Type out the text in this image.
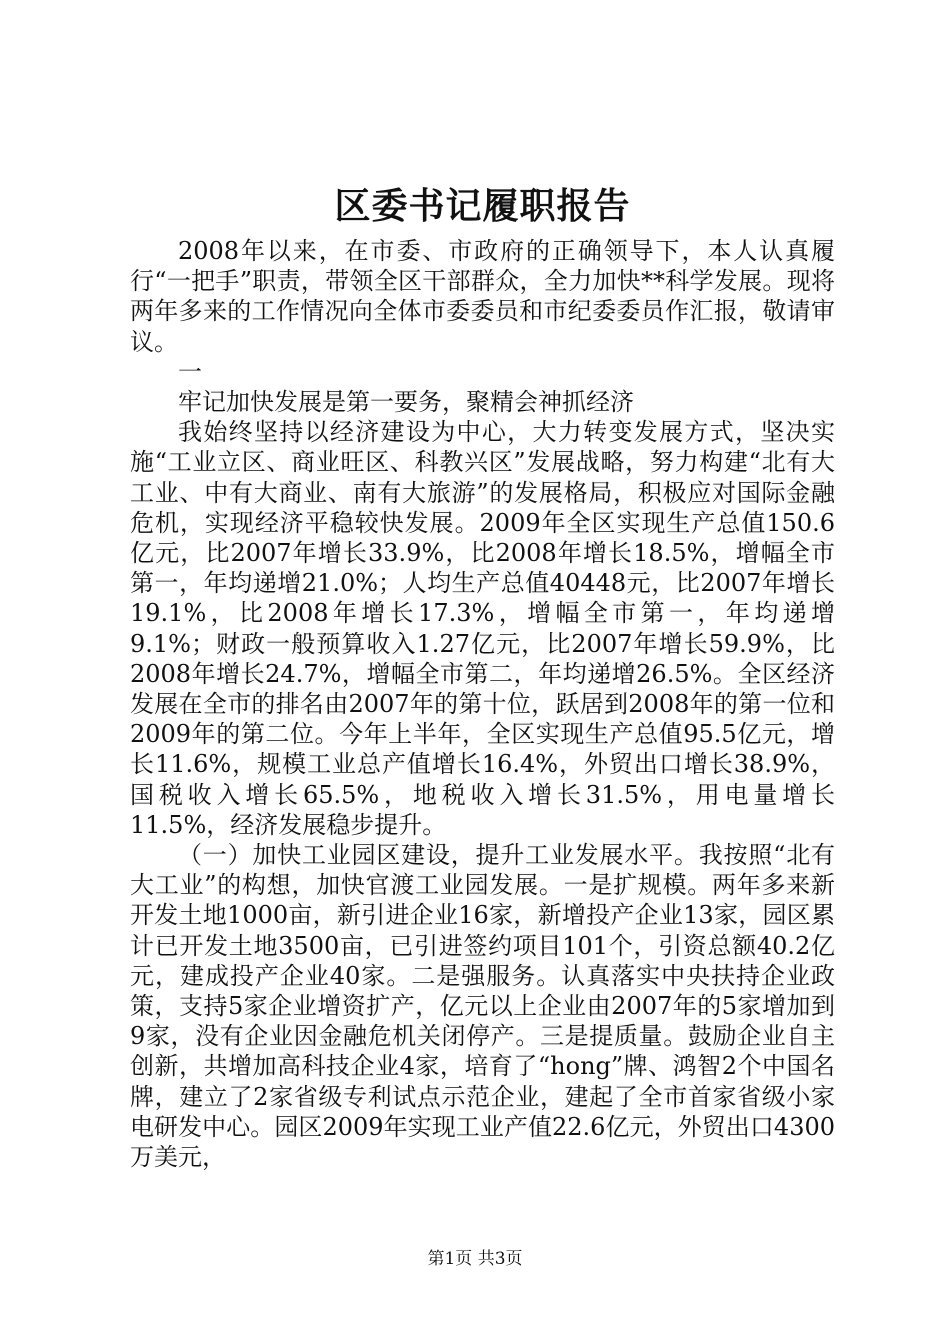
区委书记履职报告

2008年以来，在市委、市政府的正确领导下，本人认真履行“一把手”职责，带领全区干部群众，全力加快**科学发展。现将两年多来的工作情况向全体市委委员和市纪委委员作汇报，敬请审议。

一

牢记加快发展是第一要务，聚精会神抓经济

我始终坚持以经济建设为中心，大力转变发展方式，坚决实施“工业立区、商业旺区、科教兴区”发展战略，努力构建“北有大工业、中有大商业、南有大旅游”的发展格局，积极应对国际金融危机，实现经济平稳较快发展。2009年全区实现生产总值150.6亿元，比2007年增长33.9%，比2008年增长18.5%，增幅全市第一，年均递增21.0%；人均生产总值40448元，比2007年增长19.1%，比2008年增长17.3%，增幅全市第一，年均递增9.1%；财政一般预算收入1.27亿元，比2007年增长59.9%，比2008年增长24.7%，增幅全市第二，年均递增26.5%。全区经济发展在全市的排名由2007年的第十位，跃居到2008年的第一位和2009年的第二位。今年上半年，全区实现生产总值95.5亿元，增长11.6%，规模工业总产值增长16.4%，外贸出口增长38.9%，国税收入增长65.5%，地税收入增长31.5%，用电量增长11.5%，经济发展稳步提升。

（一）加快工业园区建设，提升工业发展水平。我按照“北有大工业”的构想，加快官渡工业园发展。一是扩规模。两年多来新开发土地1000亩，新引进企业16家，新增投产企业13家，园区累计已开发土地3500亩，已引进签约项目101个，引资总额40.2亿元，建成投产企业40家。二是强服务。认真落实中央扶持企业政策，支持5家企业增资扩产，亿元以上企业由2007年的5家增加到9家，没有企业因金融危机关闭停产。三是提质量。鼓励企业自主创新，共增加高科技企业4家，培育了“hong”牌、鸿智2个中国名牌，建立了2家省级专利试点示范企业，建起了全市首家省级小家电研发中心。园区2009年实现工业产值22.6亿元，外贸出口4300万美元，

第1页 共3页
